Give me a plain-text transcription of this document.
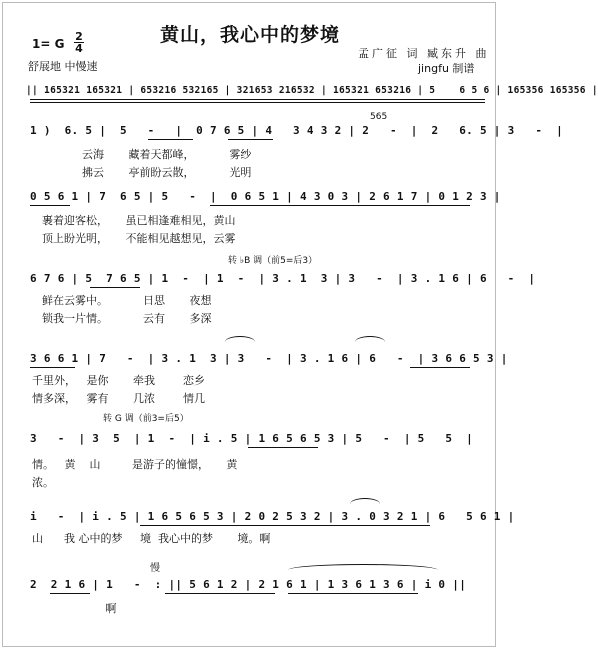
黄山，我心中的梦境
1= G
2
4
舒展地 中慢速
孟广征 词 臧东升 曲
jingfu 制谱
|| 165321 165321 | 653216 532165 | 321653 216532 | 165321 653216 | 5    6 5 6 | 165356 165356 |
565
1 )  6. 5 |  5   -   |  0 7 6 5 | 4   3 4 3 2 | 2   -  |  2   6. 5 | 3   -  |
云海       藏着天都峰，          雾纱
拂云       亭前盼云散，          光明
0 5 6 1 | 7  6 5 | 5   -  |  0 6 5 1 | 4 3 0 3 | 2 6 1 7 | 0 1 2 3 |
裹着迎客松，     虽已相逢难相见，黄山
顶上盼光明，     不能相见越想见，云雾
转 ♭B 调（前5=后3）
6 7 6 | 5  7 6 5 | 1  -  | 1  -  | 3 . 1  3 | 3   -  | 3 . 1 6 | 6   -  |
鲜在云雾中。          日思       夜想
锁我一片情。          云有       多深
3 6 6 1 | 7   -  | 3 . 1  3 | 3   -  | 3 . 1 6 | 6   -  | 3 6 6 5 3 |
千里外，   是你       牵我        恋乡
情多深，   雾有       几浓        情几
转 G 调（前3=后5）
3   -  | 3  5  | 1  -  | i . 5 | 1 6 5 6 5 3 | 5   -  | 5   5  |
情。   黄    山         是游子的憧憬，     黄
浓。
i   -  | i . 5 | 1 6 5 6 5 3 | 2 0 2 5 3 2 | 3 . 0 3 2 1 | 6   5 6 1 |
山      我 心中的梦     境  我心中的梦       境。啊
慢
2  2 1 6 | 1   -  : || 5 6 1 2 | 2 1 6 1 | 1 3 6 1 3 6 | i 0 ||
啊
